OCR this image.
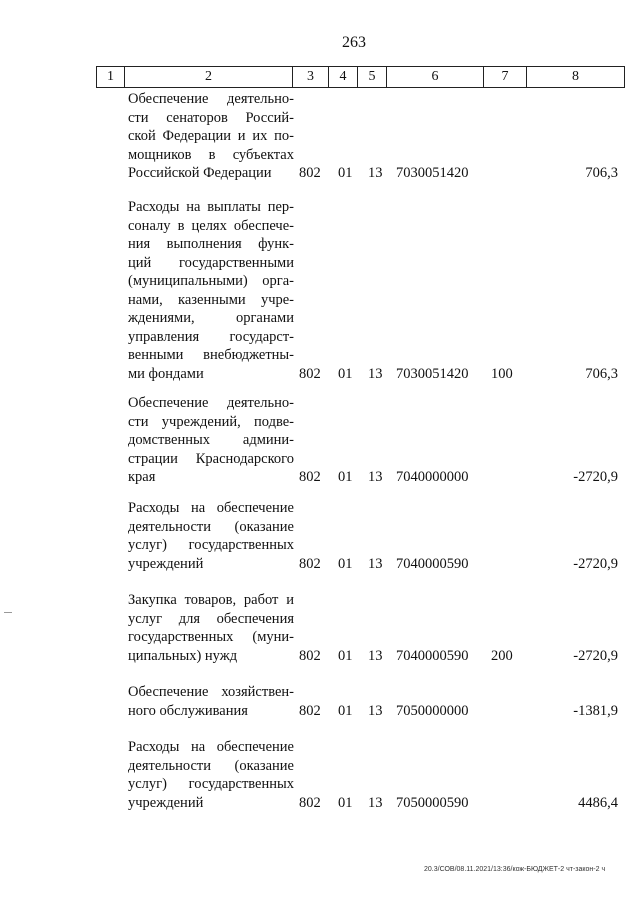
263
1	2	3	4	5	6	7	8
Обеспечение деятельно-
сти сенаторов Россий-
ской Федерации и их по-
мощников в субъектах
Российской Федерации	802 01 13 7030051420	706,3
Расходы на выплаты пер-
соналу в целях обеспече-
ния выполнения функ-
ций государственными
(муниципальными) орга-
нами, казенными учре-
ждениями, органами
управления государст-
венными внебюджетны-
ми фондами	802 01 13 7030051420 100	706,3
Обеспечение деятельно-
сти учреждений, подве-
домственных админи-
страции Краснодарского
края	802 01 13 7040000000	-2720,9
Расходы на обеспечение
деятельности (оказание
услуг) государственных
учреждений	802 01 13 7040000590	-2720,9
Закупка товаров, работ и
услуг для обеспечения
государственных (муни-
ципальных) нужд	802 01 13 7040000590 200	-2720,9
Обеспечение хозяйствен-
ного обслуживания	802 01 13 7050000000	-1381,9
Расходы на обеспечение
деятельности (оказание
услуг) государственных
учреждений	802 01 13 7050000590	4486,4
20.3/СОВ/08.11.2021/13:36/кож-БЮДЖЕТ-2 чт-закон-2 ч
